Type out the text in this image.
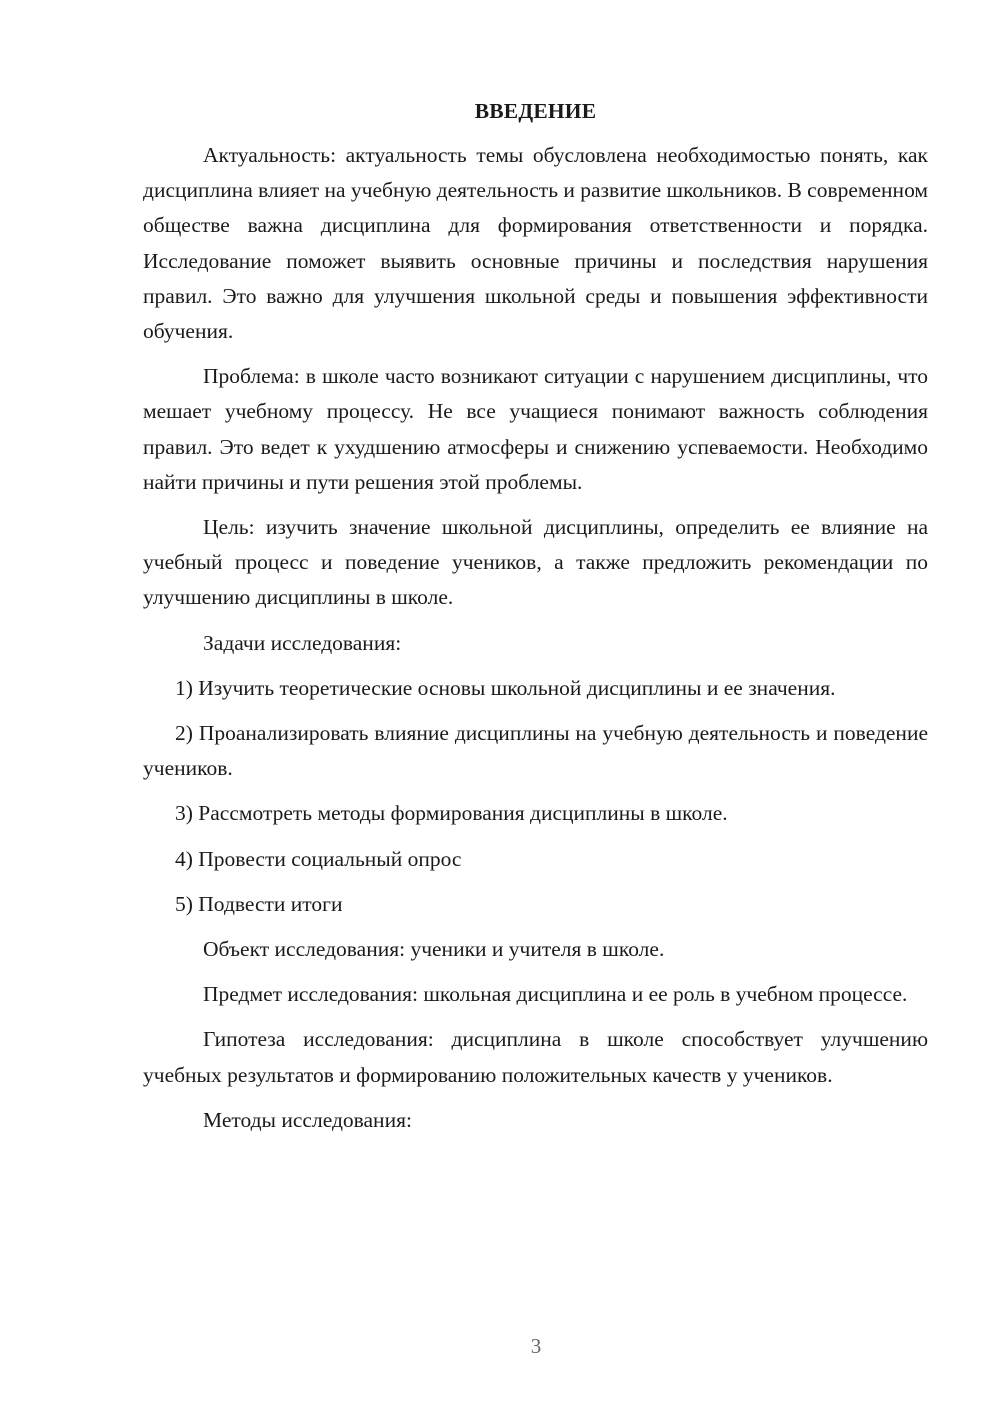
ВВЕДЕНИЕ

Актуальность: актуальность темы обусловлена необходимостью понять, как дисциплина влияет на учебную деятельность и развитие школьников. В современном обществе важна дисциплина для формирования ответственности и порядка. Исследование поможет выявить основные причины и последствия нарушения правил. Это важно для улучшения школьной среды и повышения эффективности обучения.

Проблема: в школе часто возникают ситуации с нарушением дисциплины, что мешает учебному процессу. Не все учащиеся понимают важность соблюдения правил. Это ведет к ухудшению атмосферы и снижению успеваемости. Необходимо найти причины и пути решения этой проблемы.

Цель: изучить значение школьной дисциплины, определить ее влияние на учебный процесс и поведение учеников, а также предложить рекомендации по улучшению дисциплины в школе.

Задачи исследования:

1) Изучить теоретические основы школьной дисциплины и ее значения.

2) Проанализировать влияние дисциплины на учебную деятельность и поведение учеников.

3) Рассмотреть методы формирования дисциплины в школе.

4) Провести социальный опрос

5) Подвести итоги

Объект исследования: ученики и учителя в школе.

Предмет исследования: школьная дисциплина и ее роль в учебном процессе.

Гипотеза исследования: дисциплина в школе способствует улучшению учебных результатов и формированию положительных качеств у учеников.

Методы исследования:

3
